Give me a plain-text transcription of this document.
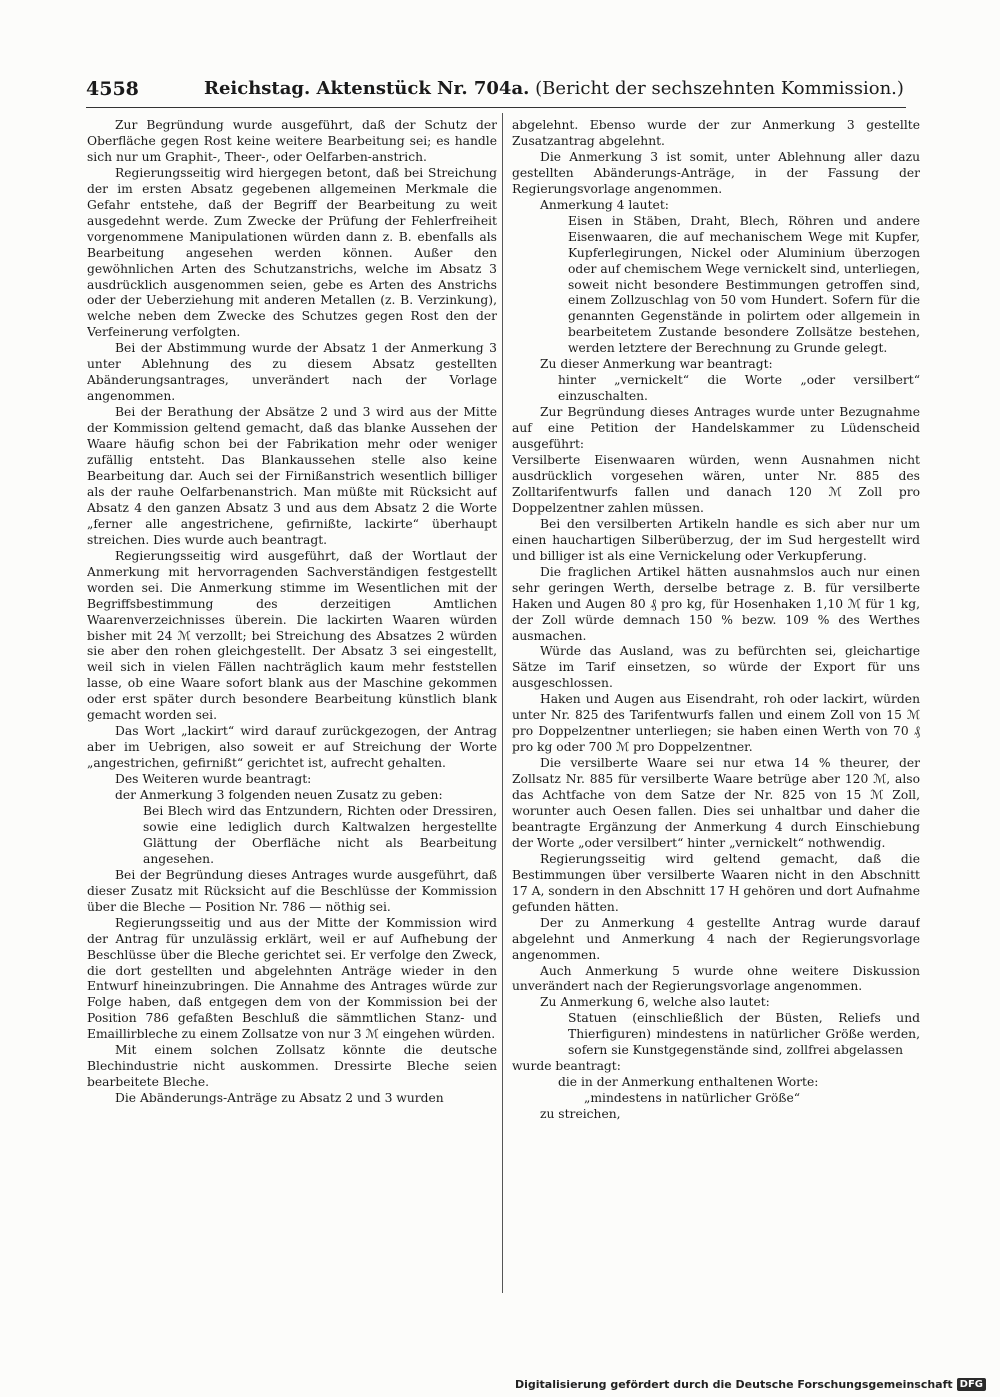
4558	Reichstag. Aktenstück Nr. 704a. (Bericht der sechszehnten Kommission.)

Zur Begründung wurde ausgeführt, daß der Schutz der Oberfläche gegen Rost keine weitere Bearbeitung sei; es handle sich nur um Graphit-, Theer-, oder Oelfarben-anstrich.

Regierungsseitig wird hiergegen betont, daß bei Streichung der im ersten Absatz gegebenen allgemeinen Merkmale die Gefahr entstehe, daß der Begriff der Bearbeitung zu weit ausgedehnt werde. Zum Zwecke der Prüfung der Fehlerfreiheit vorgenommene Manipulationen würden dann z. B. ebenfalls als Bearbeitung angesehen werden können. Außer den gewöhnlichen Arten des Schutzanstrichs, welche im Absatz 3 ausdrücklich ausgenommen seien, gebe es Arten des Anstrichs oder der Ueberziehung mit anderen Metallen (z. B. Verzinkung), welche neben dem Zwecke des Schutzes gegen Rost den der Verfeinerung verfolgten.

Bei der Abstimmung wurde der Absatz 1 der Anmerkung 3 unter Ablehnung des zu diesem Absatz gestellten Abänderungsantrages, unverändert nach der Vorlage angenommen.

Bei der Berathung der Absätze 2 und 3 wird aus der Mitte der Kommission geltend gemacht, daß das blanke Aussehen der Waare häufig schon bei der Fabrikation mehr oder weniger zufällig entsteht. Das Blankaussehen stelle also keine Bearbeitung dar. Auch sei der Firnißanstrich wesentlich billiger als der rauhe Oelfarbenanstrich. Man müßte mit Rücksicht auf Absatz 4 den ganzen Absatz 3 und aus dem Absatz 2 die Worte „ferner alle angestrichene, gefirnißte, lackirte“ überhaupt streichen. Dies wurde auch beantragt.

Regierungsseitig wird ausgeführt, daß der Wortlaut der Anmerkung mit hervorragenden Sachverständigen festgestellt worden sei. Die Anmerkung stimme im Wesentlichen mit der Begriffsbestimmung des derzeitigen Amtlichen Waarenverzeichnisses überein. Die lackirten Waaren würden bisher mit 24 ℳ verzollt; bei Streichung des Absatzes 2 würden sie aber den rohen gleichgestellt. Der Absatz 3 sei eingestellt, weil sich in vielen Fällen nachträglich kaum mehr feststellen lasse, ob eine Waare sofort blank aus der Maschine gekommen oder erst später durch besondere Bearbeitung künstlich blank gemacht worden sei.

Das Wort „lackirt“ wird darauf zurückgezogen, der Antrag aber im Uebrigen, also soweit er auf Streichung der Worte „angestrichen, gefirnißt“ gerichtet ist, aufrecht gehalten.

Des Weiteren wurde beantragt:

der Anmerkung 3 folgenden neuen Zusatz zu geben:

Bei Blech wird das Entzundern, Richten oder Dressiren, sowie eine lediglich durch Kaltwalzen hergestellte Glättung der Oberfläche nicht als Bearbeitung angesehen.

Bei der Begründung dieses Antrages wurde ausgeführt, daß dieser Zusatz mit Rücksicht auf die Beschlüsse der Kommission über die Bleche — Position Nr. 786 — nöthig sei.

Regierungsseitig und aus der Mitte der Kommission wird der Antrag für unzulässig erklärt, weil er auf Aufhebung der Beschlüsse über die Bleche gerichtet sei. Er verfolge den Zweck, die dort gestellten und abgelehnten Anträge wieder in den Entwurf hineinzubringen. Die Annahme des Antrages würde zur Folge haben, daß entgegen dem von der Kommission bei der Position 786 gefaßten Beschluß die sämmtlichen Stanz- und Emaillirbleche zu einem Zollsatze von nur 3 ℳ eingehen würden.

Mit einem solchen Zollsatz könnte die deutsche Blechindustrie nicht auskommen. Dressirte Bleche seien bearbeitete Bleche.

Die Abänderungs-Anträge zu Absatz 2 und 3 wurden

abgelehnt. Ebenso wurde der zur Anmerkung 3 gestellte Zusatzantrag abgelehnt.

Die Anmerkung 3 ist somit, unter Ablehnung aller dazu gestellten Abänderungs-Anträge, in der Fassung der Regierungsvorlage angenommen.

Anmerkung 4 lautet:

Eisen in Stäben, Draht, Blech, Röhren und andere Eisenwaaren, die auf mechanischem Wege mit Kupfer, Kupferlegirungen, Nickel oder Aluminium überzogen oder auf chemischem Wege vernickelt sind, unterliegen, soweit nicht besondere Bestimmungen getroffen sind, einem Zollzuschlag von 50 vom Hundert. Sofern für die genannten Gegenstände in polirtem oder allgemein in bearbeitetem Zustande besondere Zollsätze bestehen, werden letztere der Berechnung zu Grunde gelegt.

Zu dieser Anmerkung war beantragt:

hinter „vernickelt“ die Worte „oder versilbert“ einzuschalten.

Zur Begründung dieses Antrages wurde unter Bezugnahme auf eine Petition der Handelskammer zu Lüdenscheid ausgeführt:

Versilberte Eisenwaaren würden, wenn Ausnahmen nicht ausdrücklich vorgesehen wären, unter Nr. 885 des Zolltarifentwurfs fallen und danach 120 ℳ Zoll pro Doppelzentner zahlen müssen.

Bei den versilberten Artikeln handle es sich aber nur um einen hauchartigen Silberüberzug, der im Sud hergestellt wird und billiger ist als eine Vernickelung oder Verkupferung.

Die fraglichen Artikel hätten ausnahmslos auch nur einen sehr geringen Werth, derselbe betrage z. B. für versilberte Haken und Augen 80 ₰ pro kg, für Hosenhaken 1,10 ℳ für 1 kg, der Zoll würde demnach 150 % bezw. 109 % des Werthes ausmachen.

Würde das Ausland, was zu befürchten sei, gleichartige Sätze im Tarif einsetzen, so würde der Export für uns ausgeschlossen.

Haken und Augen aus Eisendraht, roh oder lackirt, würden unter Nr. 825 des Tarifentwurfs fallen und einem Zoll von 15 ℳ pro Doppelzentner unterliegen; sie haben einen Werth von 70 ₰ pro kg oder 700 ℳ pro Doppelzentner.

Die versilberte Waare sei nur etwa 14 % theurer, der Zollsatz Nr. 885 für versilberte Waare betrüge aber 120 ℳ, also das Achtfache von dem Satze der Nr. 825 von 15 ℳ Zoll, worunter auch Oesen fallen. Dies sei unhaltbar und daher die beantragte Ergänzung der Anmerkung 4 durch Einschiebung der Worte „oder versilbert“ hinter „vernickelt“ nothwendig.

Regierungsseitig wird geltend gemacht, daß die Bestimmungen über versilberte Waaren nicht in den Abschnitt 17 A, sondern in den Abschnitt 17 H gehören und dort Aufnahme gefunden hätten.

Der zu Anmerkung 4 gestellte Antrag wurde darauf abgelehnt und Anmerkung 4 nach der Regierungsvorlage angenommen.

Auch Anmerkung 5 wurde ohne weitere Diskussion unverändert nach der Regierungsvorlage angenommen.

Zu Anmerkung 6, welche also lautet:

Statuen (einschließlich der Büsten, Reliefs und Thierfiguren) mindestens in natürlicher Größe werden, sofern sie Kunstgegenstände sind, zollfrei abgelassen

wurde beantragt:

die in der Anmerkung enthaltenen Worte:

„mindestens in natürlicher Größe“

zu streichen,

Digitalisierung gefördert durch die Deutsche Forschungsgemeinschaft DFG
